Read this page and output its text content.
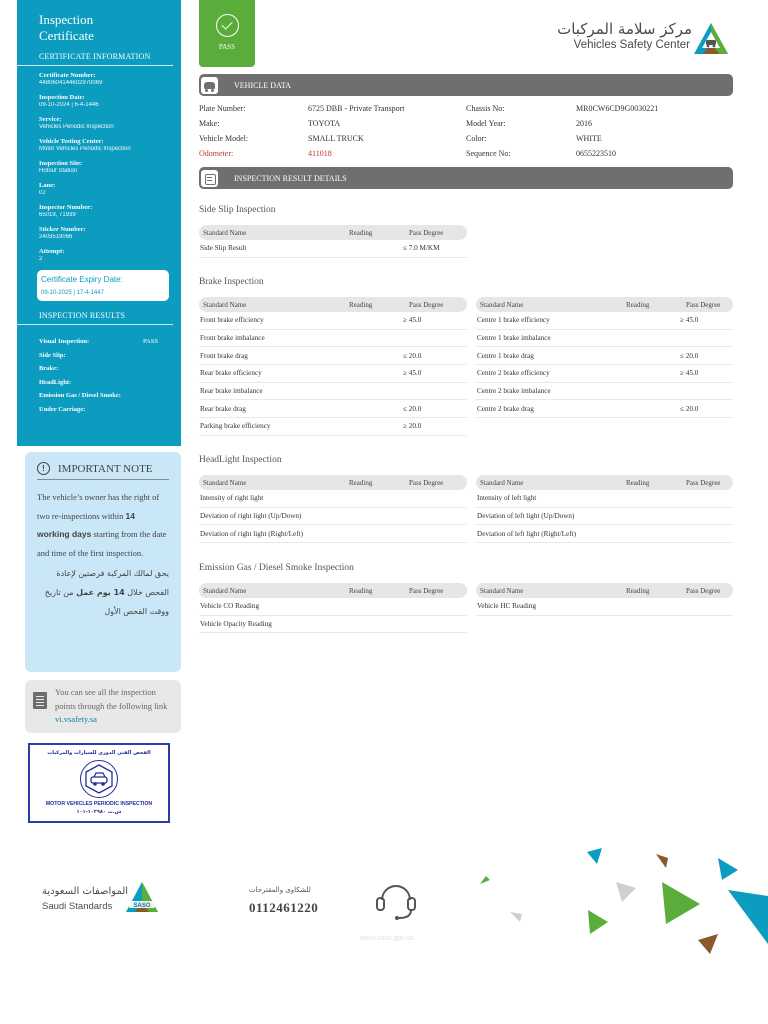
Inspection
Certificate
CERTIFICATE INFORMATION
Certificate Number:
4480604144602970069
Inspection Date:
09-10-2024 | 6-4-1446
Service:
Vehicles Periodic Inspection
Vehicle Testing Center:
Motor Vehicles Periodic Inspection
Inspection Site:
Hofouf Station
Lane:
02
Inspector Number:
65019, 71939
Sticker Number:
2403519066
Attempt:
2
Certificate Expiry Date:
09-10-2025 | 17-4-1447
INSPECTION RESULTS
Visual Inspection:	PASS
Side Slip:
Brake:
HeadLight:
Emission Gas / Diesel Smoke:
Under Carriage:
!	IMPORTANT NOTE
The vehicle’s owner has the right of two re-inspections within 14 working days starting from the date and time of the first inspection.
يحق لمالك المركبة فرصتين لإعادة الفحص خلال 14 يوم عمل من تاريخ ووقت الفحص الأول
You can see all the inspection points through the following link vi.vsafety.sa
الفحص الفني الدوري للسيارات والمركبات
MOTOR VEHICLES PERIODIC INSPECTION
س.ت ١٠٢٩٨٠-١٠١
PASS
مركز سلامة المركبات
Vehicles Safety Center
VEHICLE DATA
Plate Number:	6725 DBB - Private Transport	Chassis No:	MR0CW6CD9G0030221
Make:	TOYOTA	Model Year:	2016
Vehicle Model:	SMALL TRUCK	Color:	WHITE
Odometer:	411018	Sequence No:	0655223510
INSPECTION RESULT DETAILS
Side Slip Inspection
Standard Name	Reading	Pass Degree
Side Slip Result	≤ 7.0 M/KM
Brake Inspection
Standard Name	Reading	Pass Degree
Front brake efficiency	≥ 45.0
Front brake imbalance
Front brake drag	≤ 20.0
Rear brake efficiency	≥ 45.0
Rear brake imbalance
Rear brake drag	≤ 20.0
Parking brake efficiency	≥ 20.0
Standard Name	Reading	Pass Degree
Centre 1 brake efficiency	≥ 45.0
Centre 1 brake imbalance
Centre 1 brake drag	≤ 20.0
Centre 2 brake efficiency	≥ 45.0
Centre 2 brake imbalance
Centre 2 brake drag	≤ 20.0
HeadLight Inspection
Standard Name	Reading	Pass Degree
Intensity of right light
Deviation of right light (Up/Down)
Deviation of right light (Right/Left)
Standard Name	Reading	Pass Degree
Intensity of left light
Deviation of left light (Up/Down)
Deviation of left light (Right/Left)
Emission Gas / Diesel Smoke Inspection
Standard Name	Reading	Pass Degree
Vehicle CO Reading
Vehicle Opacity Reading
Standard Name	Reading	Pass Degree
Vehicle HC Reading
المواصفات السعودية
Saudi Standards	SASO
للشكاوى والمقترحات
0112461220
www.saso.gov.sa
